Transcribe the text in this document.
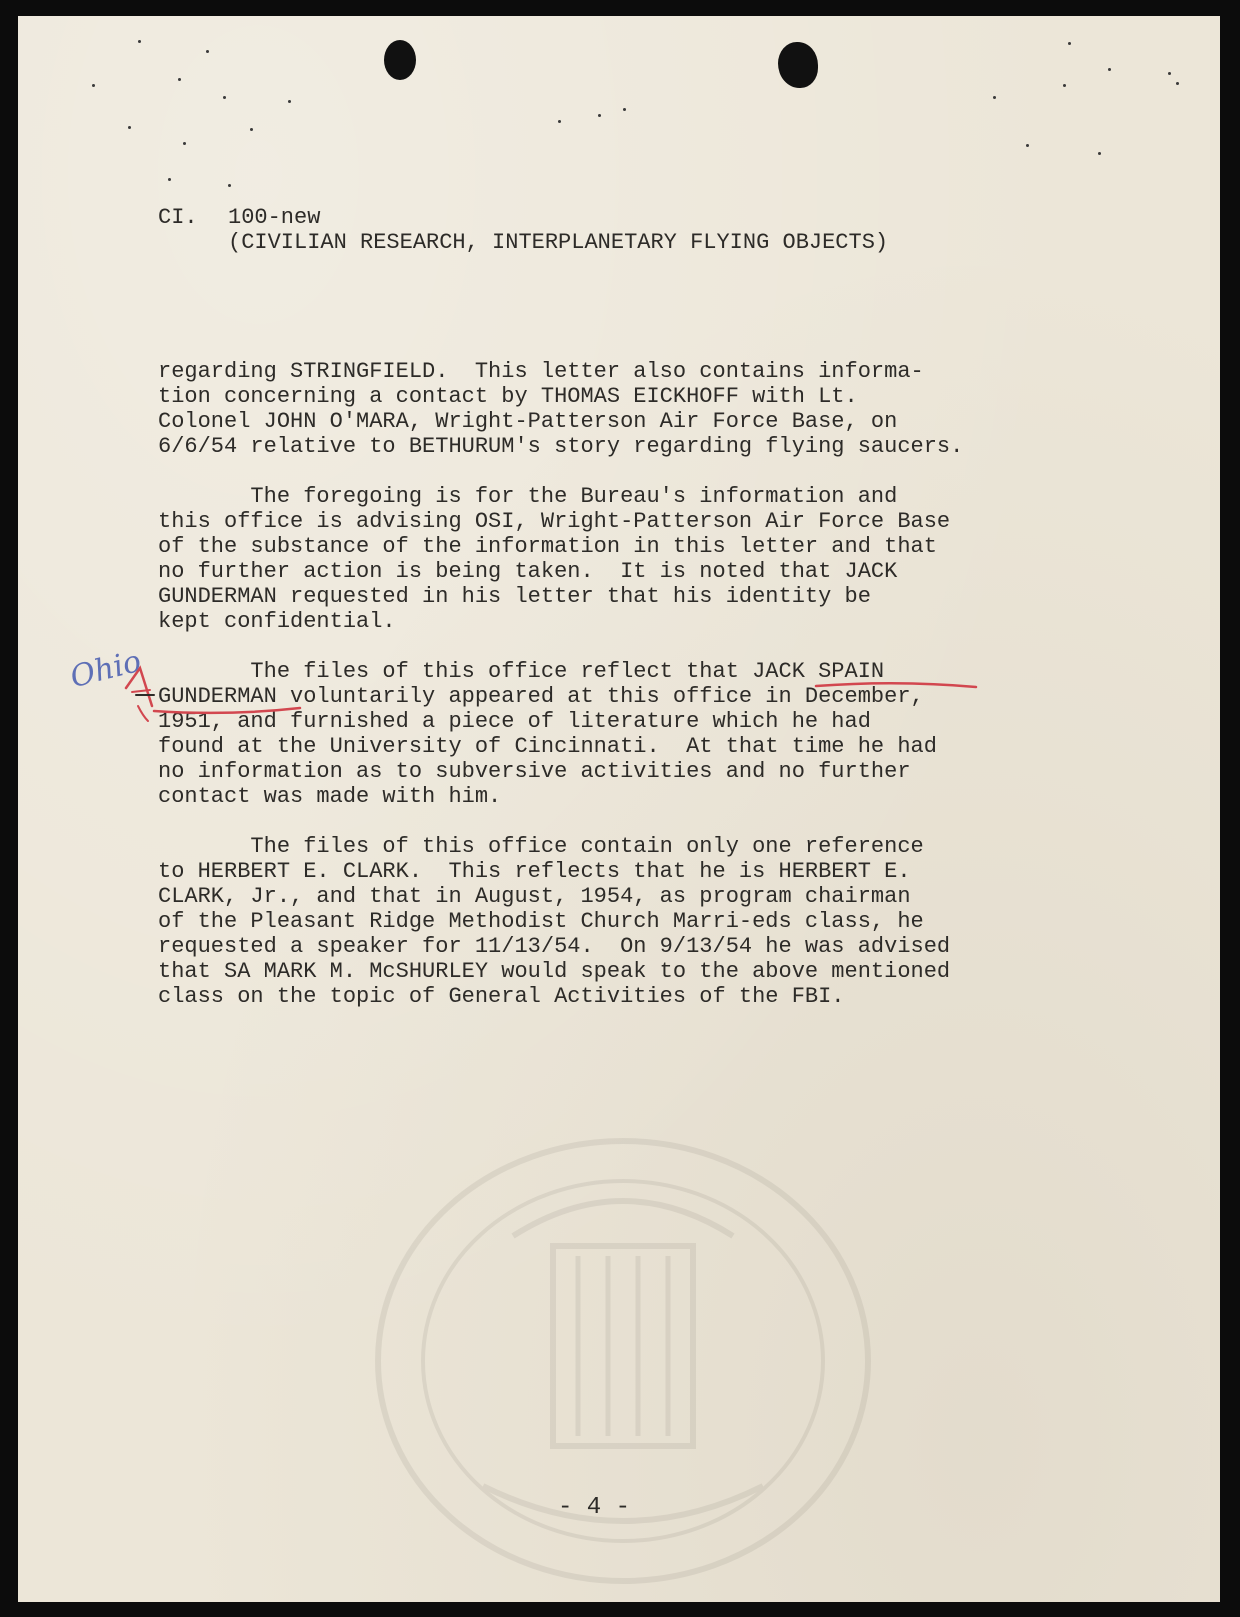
CI. 100-new
(CIVILIAN RESEARCH, INTERPLANETARY FLYING OBJECTS)
regarding STRINGFIELD.  This letter also contains informa-
tion concerning a contact by THOMAS EICKHOFF with Lt.
Colonel JOHN O'MARA, Wright-Patterson Air Force Base, on
6/6/54 relative to BETHURUM's story regarding flying saucers.
The foregoing is for the Bureau's information and
this office is advising OSI, Wright-Patterson Air Force Base
of the substance of the information in this letter and that
no further action is being taken.  It is noted that JACK
GUNDERMAN requested in his letter that his identity be
kept confidential.
The files of this office reflect that JACK SPAIN
GUNDERMAN voluntarily appeared at this office in December,
1951, and furnished a piece of literature which he had
found at the University of Cincinnati.  At that time he had
no information as to subversive activities and no further
contact was made with him.
The files of this office contain only one reference
to HERBERT E. CLARK.  This reflects that he is HERBERT E.
CLARK, Jr., and that in August, 1954, as program chairman
of the Pleasant Ridge Methodist Church Marri-eds class, he
requested a speaker for 11/13/54.  On 9/13/54 he was advised
that SA MARK M. McSHURLEY would speak to the above mentioned
class on the topic of General Activities of the FBI.
Ohio
- 4 -
